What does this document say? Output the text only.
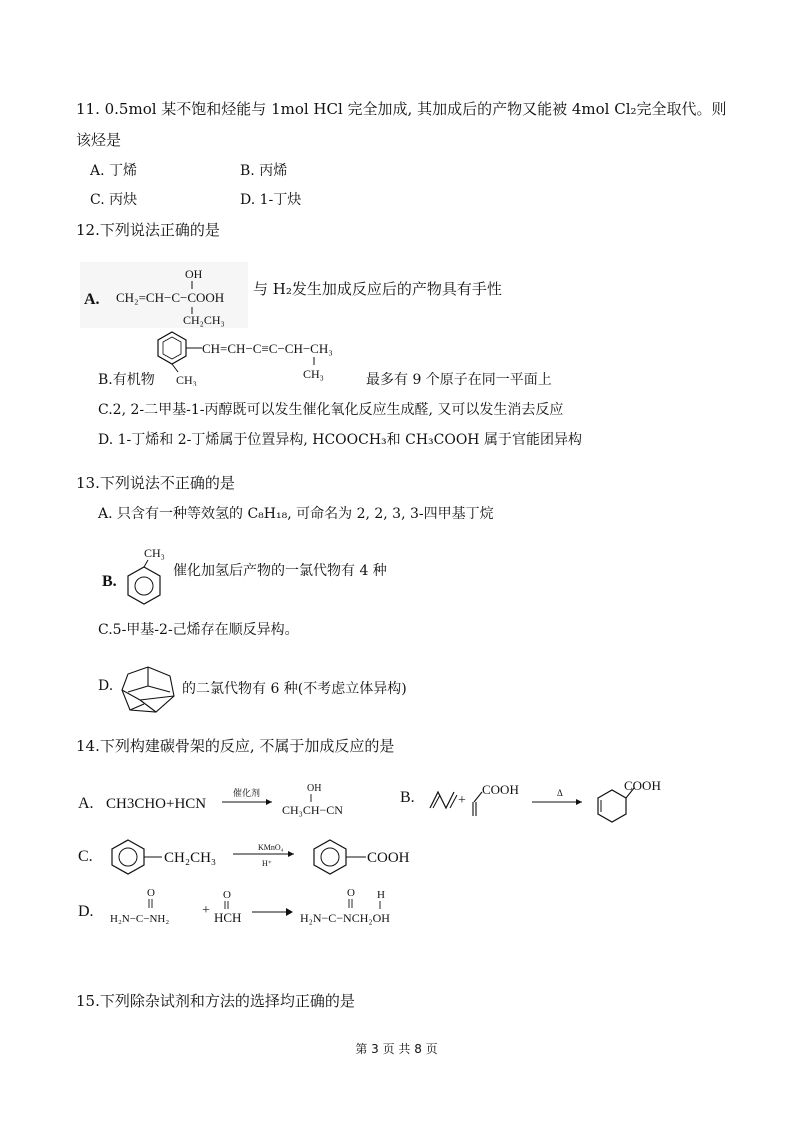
11. 0.5mol 某不饱和烃能与 1mol HCl 完全加成, 其加成后的产物又能被 4mol Cl₂完全取代。则
该烃是
A. 丁烯	B. 丙烯
C. 丙炔	D. 1-丁炔
12.下列说法正确的是
A.
OH
CH₂=CH−C−COOH
CH₂CH₃
与 H₂发生加成反应后的产物具有手性
CH=CH−C≡C−CH−CH₃
CH₃	CH₃
B.有机物	最多有 9 个原子在同一平面上
C.2, 2-二甲基-1-丙醇既可以发生催化氧化反应生成醛, 又可以发生消去反应
D. 1-丁烯和 2-丁烯属于位置异构, HCOOCH₃和 CH₃COOH 属于官能团异构
13.下列说法不正确的是
A. 只含有一种等效氢的 C₈H₁₈, 可命名为 2, 2, 3, 3-四甲基丁烷
B.
CH₃
催化加氢后产物的一氯代物有 4 种
C.5-甲基-2-己烯存在顺反异构。
D.	的二氯代物有 6 种(不考虑立体异构)
14.下列构建碳骨架的反应, 不属于加成反应的是
A. CH3CHO+HCN
催化剂	OH
CH₃CH−CN
B.	+
COOH	Δ	COOH
C.	CH₂CH₃
KMnO₄
H⁺	COOH
D.
O
H₂N−C−NH₂
+
O
HCH
O H
H₂N−C−NCH₂OH
15.下列除杂试剂和方法的选择均正确的是
第 3 页 共 8 页
